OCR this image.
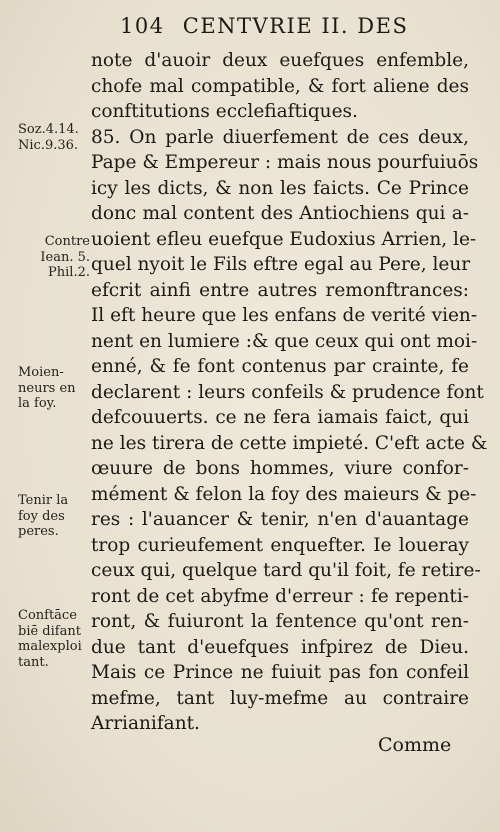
104 CENTVRIE II. DES
note d'auoir deux euefques enfemble,
chofe mal compatible, & fort aliene des
conftitutions ecclefiaftiques.
85. On parle diuerfement de ces deux,
Pape & Empereur : mais nous pourfuiuōs
icy les dicts, & non les faicts. Ce Prince
donc mal content des Antiochiens qui a-
uoient efleu euefque Eudoxius Arrien, le-
quel nyoit le Fils eftre egal au Pere, leur
efcrit ainfi entre autres remonftrances:
Il eft heure que les enfans de verité vien-
nent en lumiere :& que ceux qui ont moi-
enné, & fe font contenus par crainte, fe
declarent : leurs confeils & prudence font
defcouuerts. ce ne fera iamais faict, qui
ne les tirera de cette impieté. C'eft acte &
œuure de bons hommes, viure confor-
mément & felon la foy des maieurs & pe-
res : l'auancer & tenir, n'en d'auantage
trop curieufement enquefter. Ie loueray
ceux qui, quelque tard qu'il foit, fe retire-
ront de cet abyfme d'erreur : fe repenti-
ront, & fuiuront la fentence qu'ont ren-
due tant d'euefques infpirez de Dieu.
Mais ce Prince ne fuiuit pas fon confeil
mefme, tant luy-mefme au contraire
Arrianifant.
Comme
Soz.4.14.
Nic.9.36.
Contre
Iean. 5.
Phil.2.
Moien-
neurs en
la foy.
Tenir la
foy des
peres.
Conftāce
biē difant
malexploi
tant.
